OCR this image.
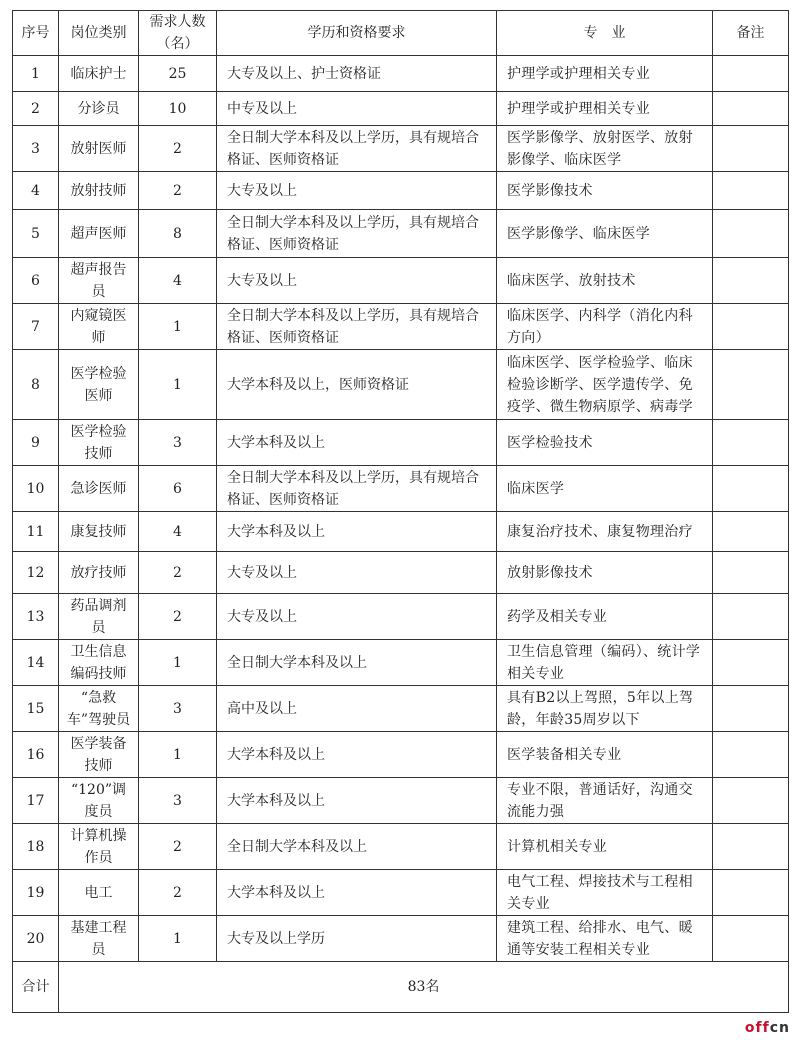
序号	岗位类别	需求人数（名）	学历和资格要求	专　业	备注
1	临床护士	25	大专及以上、护士资格证	护理学或护理相关专业	
2	分诊员	10	中专及以上	护理学或护理相关专业	
3	放射医师	2	全日制大学本科及以上学历，具有规培合格证、医师资格证	医学影像学、放射医学、放射影像学、临床医学	
4	放射技师	2	大专及以上	医学影像技术	
5	超声医师	8	全日制大学本科及以上学历，具有规培合格证、医师资格证	医学影像学、临床医学	
6	超声报告员	4	大专及以上	临床医学、放射技术	
7	内窥镜医师	1	全日制大学本科及以上学历，具有规培合格证、医师资格证	临床医学、内科学（消化内科方向）	
8	医学检验医师	1	大学本科及以上，医师资格证	临床医学、医学检验学、临床检验诊断学、医学遗传学、免疫学、微生物病原学、病毒学	
9	医学检验技师	3	大学本科及以上	医学检验技术	
10	急诊医师	6	全日制大学本科及以上学历，具有规培合格证、医师资格证	临床医学	
11	康复技师	4	大学本科及以上	康复治疗技术、康复物理治疗	
12	放疗技师	2	大专及以上	放射影像技术	
13	药品调剂员	2	大专及以上	药学及相关专业	
14	卫生信息编码技师	1	全日制大学本科及以上	卫生信息管理（编码）、统计学相关专业	
15	“急救车”驾驶员	3	高中及以上	具有B2以上驾照，5年以上驾龄，年龄35周岁以下	
16	医学装备技师	1	大学本科及以上	医学装备相关专业	
17	“120”调度员	3	大学本科及以上	专业不限，普通话好，沟通交流能力强	
18	计算机操作员	2	全日制大学本科及以上	计算机相关专业	
19	电工	2	大学本科及以上	电气工程、焊接技术与工程相关专业	
20	基建工程员	1	大专及以上学历	建筑工程、给排水、电气、暖通等安装工程相关专业	
合计	83名				
offcn
